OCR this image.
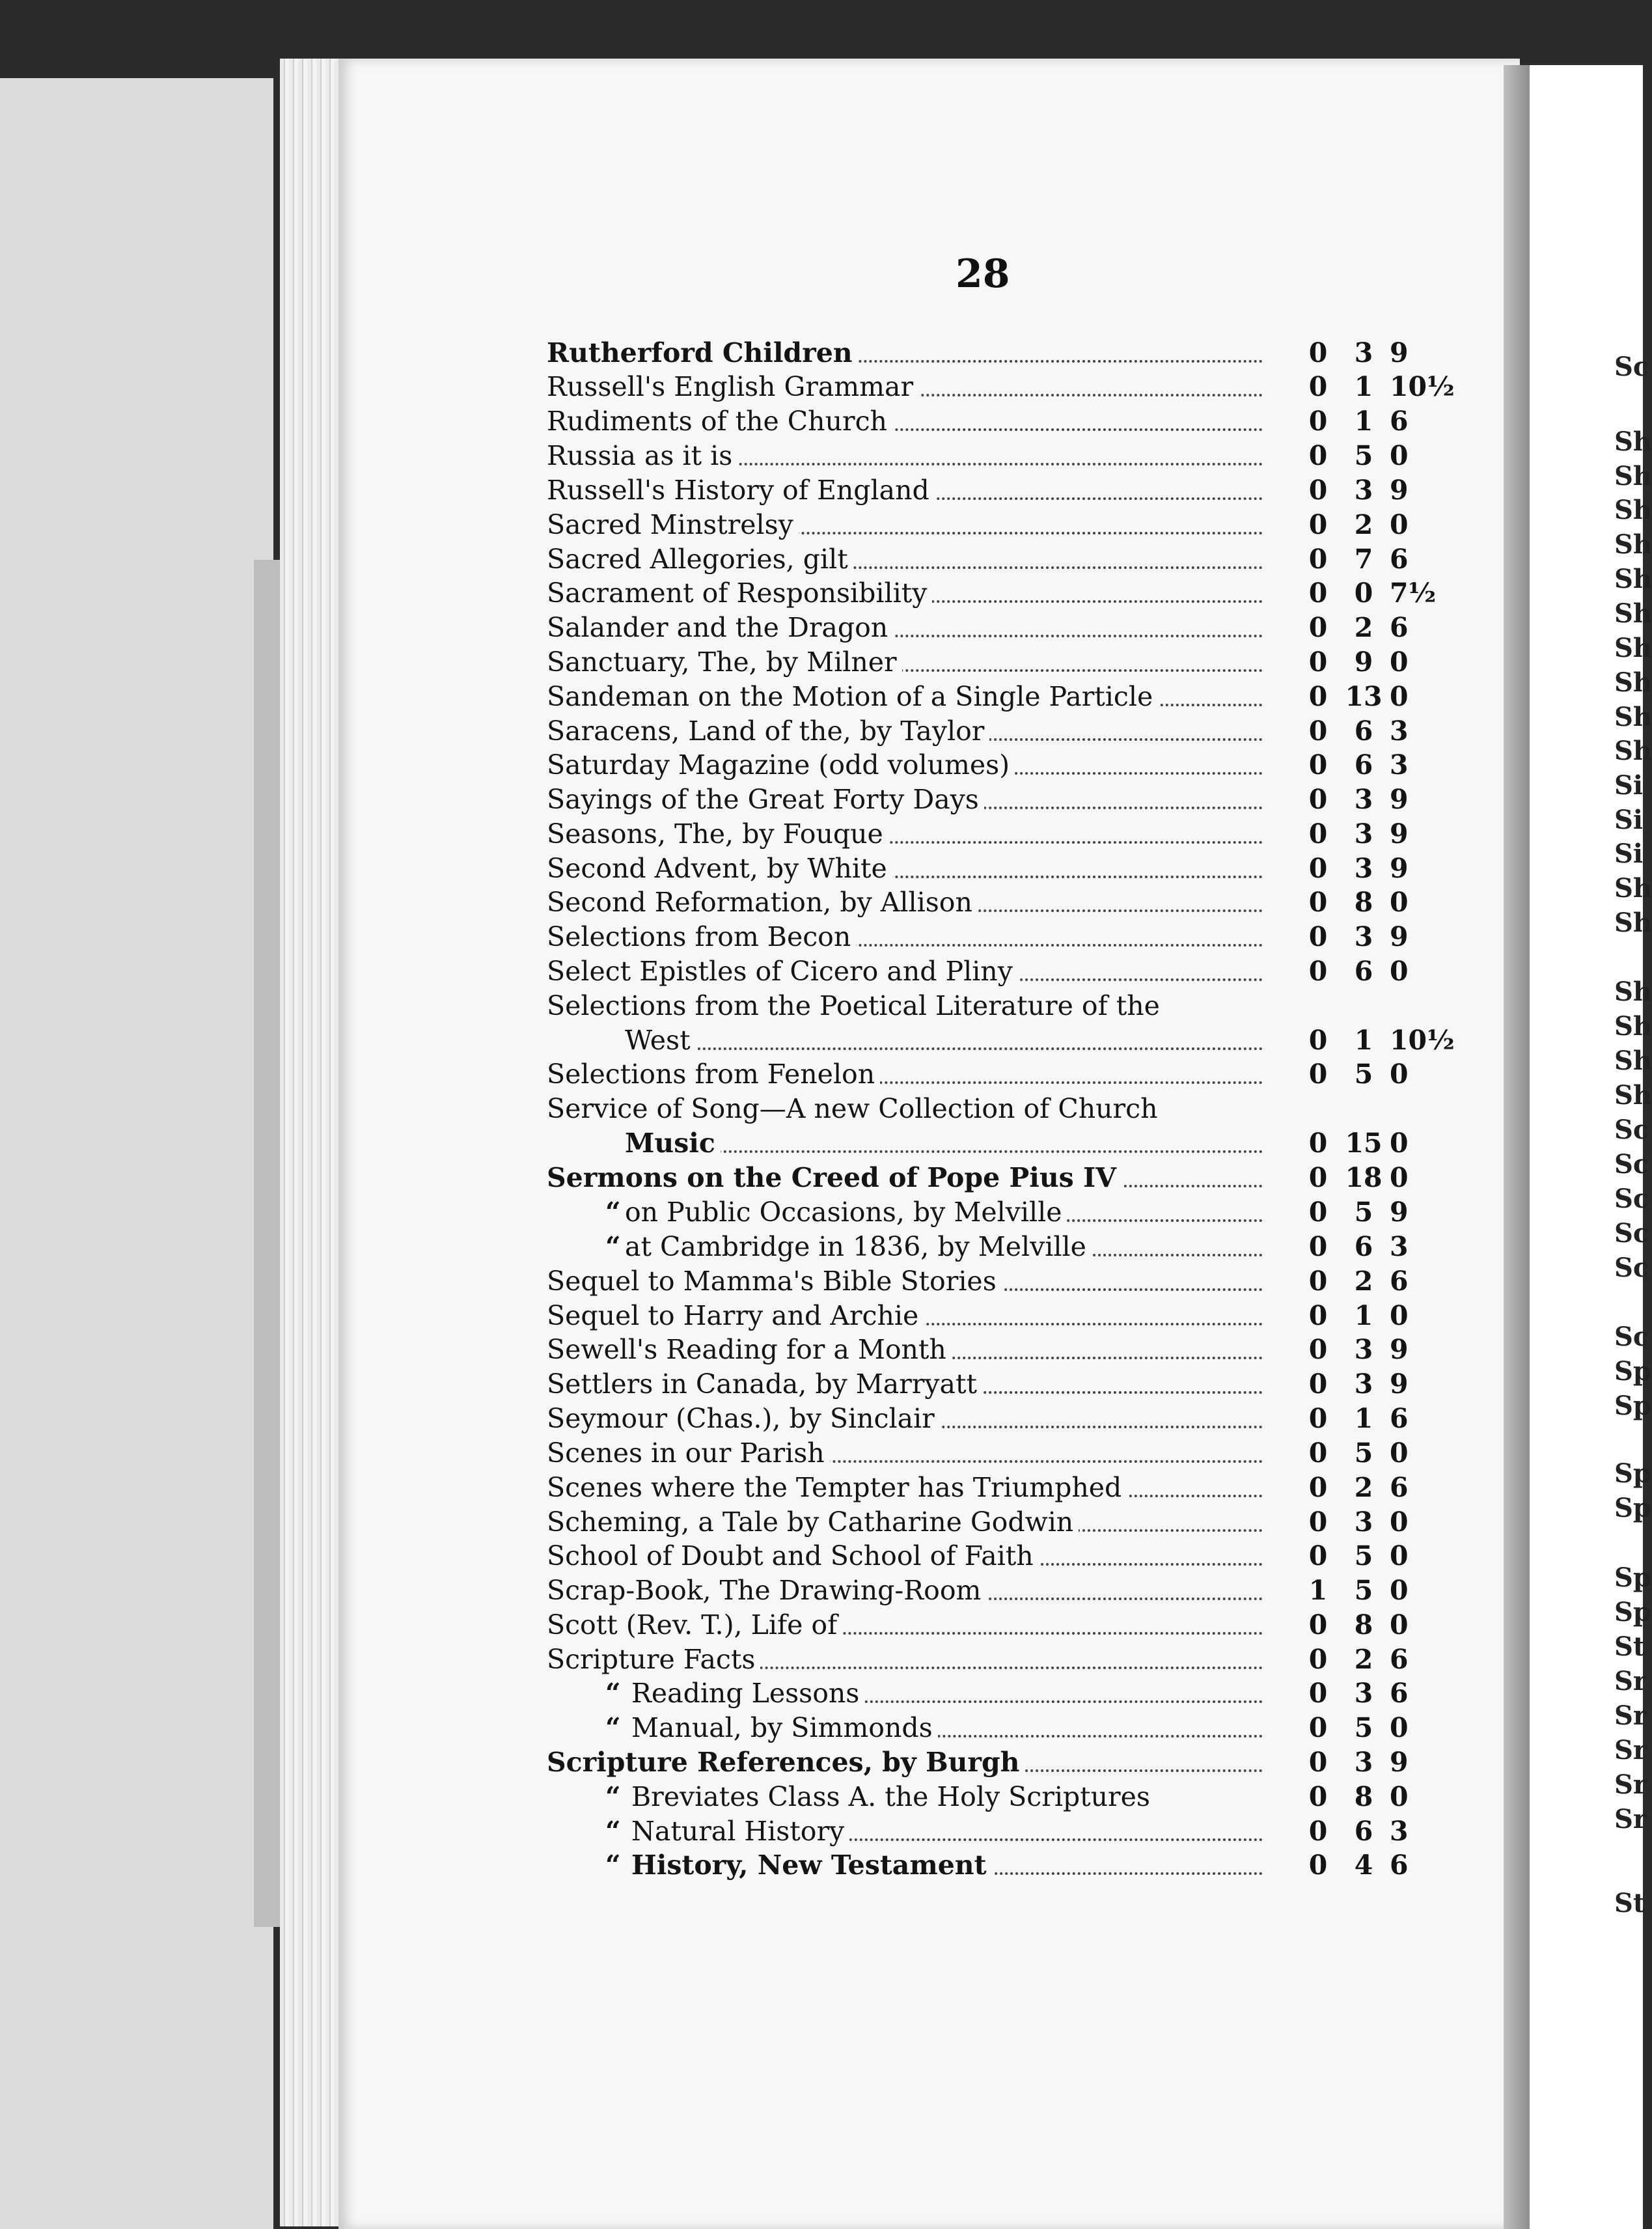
28
Rutherford Children	0	3 9
Russell's English Grammar	0	1 10½
Rudiments of the Church	0	1 6
Russia as it is	0	5 0
Russell's History of England	0	3 9
Sacred Minstrelsy	0	2 0
Sacred Allegories, gilt	0	7 6
Sacrament of Responsibility	0	0 7½
Salander and the Dragon	0	2 6
Sanctuary, The, by Milner	0	9 0
Sandeman on the Motion of a Single Particle	0 13 0
Saracens, Land of the, by Taylor	0	6 3
Saturday Magazine (odd volumes)	0	6 3
Sayings of the Great Forty Days	0	3 9
Seasons, The, by Fouque	0	3 9
Second Advent, by White	0	3 9
Second Reformation, by Allison	0	8 0
Selections from Becon	0	3 9
Select Epistles of Cicero and Pliny	0	6 0
Selections from the Poetical Literature of the
West	0	1 10½
Selections from Fenelon	0	5 0
Service of Song—A new Collection of Church
Music	0 15 0
Sermons on the Creed of Pope Pius IV	0 18 0
“ on Public Occasions, by Melville	0	5 9
“ at Cambridge in 1836, by Melville	0	6 3
Sequel to Mamma's Bible Stories	0	2 6
Sequel to Harry and Archie	0	1 0
Sewell's Reading for a Month	0	3 9
Settlers in Canada, by Marryatt	0	3 9
Seymour (Chas.), by Sinclair	0	1 6
Scenes in our Parish	0	5 0
Scenes where the Tempter has Triumphed	0	2 6
Scheming, a Tale by Catharine Godwin	0	3 0
School of Doubt and School of Faith	0	5 0
Scrap-Book, The Drawing-Room	1	5 0
Scott (Rev. T.), Life of	0	8 0
Scripture Facts	0	2 6
“ Reading Lessons	0	3 6
“ Manual, by Simmonds	0	5 0
Scripture References, by Burgh	0	3 9
“ Breviates Class A. the Holy Scriptures	0	8 0
“ Natural History	0	6 3
“ History, New Testament	0	4 6
Sc
Sh
Sh
Sh
Sh
Sh
Sh
Sh
Sh
Sh
Sh
Si
Si
Si
Sh
Sh
Sh
Sh
Sh
Sh
Sc
Sc
Sc
Sc
Sc
Sc
Sp
Sp
Sp
Sp
Sp
Sp
St
Sr
Sr
Sr
Sr
Sr
St
